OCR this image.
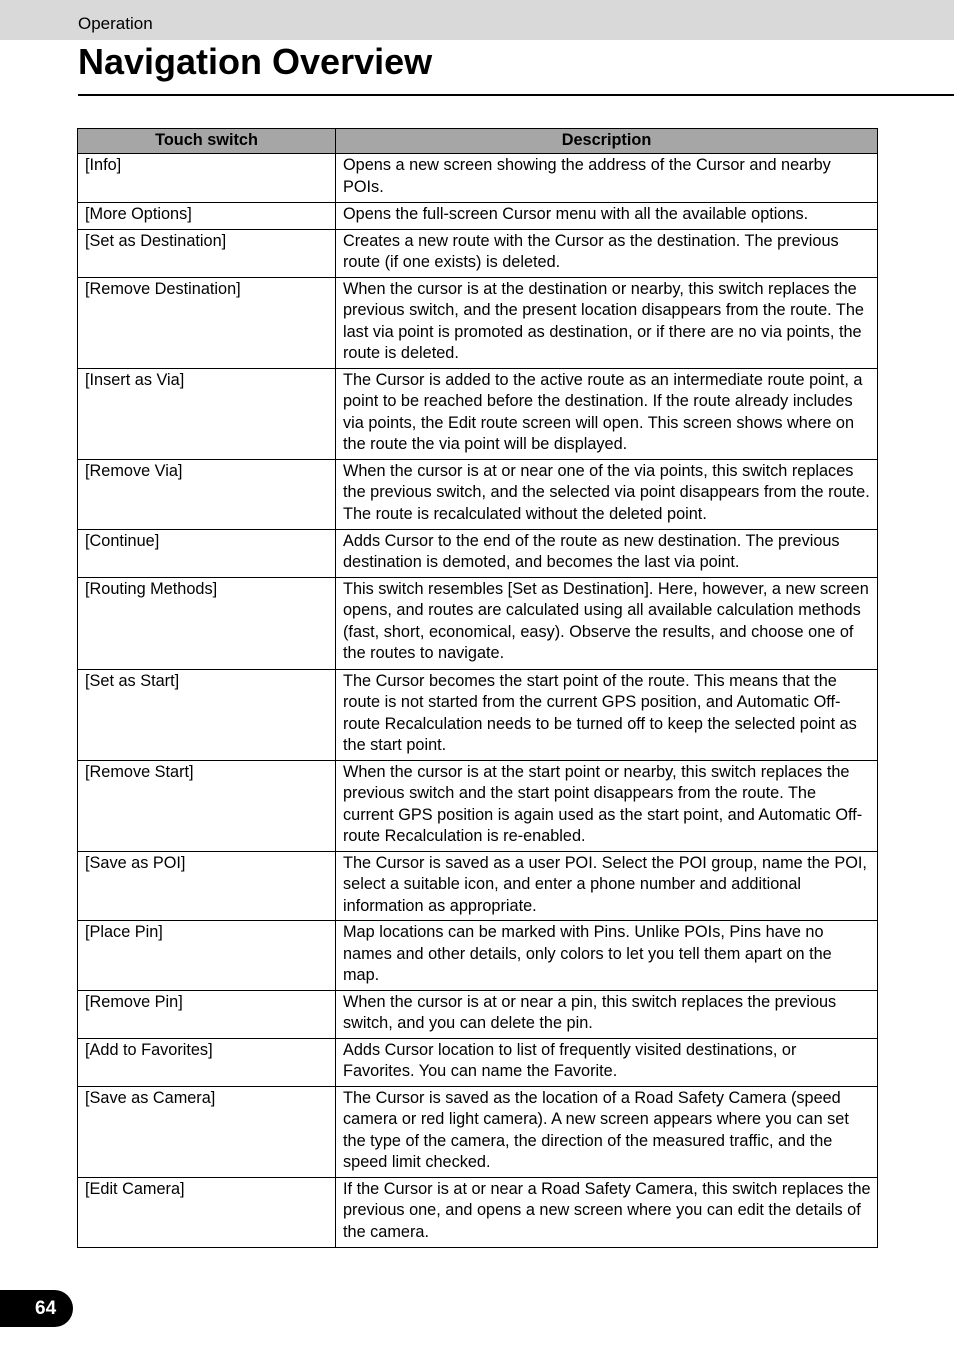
Operation
Navigation Overview
Touch switch	Description
[Info]	Opens a new screen showing the address of the Cursor and nearby POIs.
[More Options]	Opens the full-screen Cursor menu with all the available options.
[Set as Destination]	Creates a new route with the Cursor as the destination. The previous route (if one exists) is deleted.
[Remove Destination]	When the cursor is at the destination or nearby, this switch replaces the previous switch, and the present location disappears from the route. The last via point is promoted as destination, or if there are no via points, the route is deleted.
[Insert as Via]	The Cursor is added to the active route as an intermediate route point, a point to be reached before the destination. If the route already includes via points, the Edit route screen will open. This screen shows where on the route the via point will be displayed.
[Remove Via]	When the cursor is at or near one of the via points, this switch replaces the previous switch, and the selected via point disappears from the route. The route is recalculated without the deleted point.
[Continue]	Adds Cursor to the end of the route as new destination. The previous destination is demoted, and becomes the last via point.
[Routing Methods]	This switch resembles [Set as Destination]. Here, however, a new screen opens, and routes are calculated using all available calculation methods (fast, short, economical, easy). Observe the results, and choose one of the routes to navigate.
[Set as Start]	The Cursor becomes the start point of the route. This means that the route is not started from the current GPS position, and Automatic Off-route Recalculation needs to be turned off to keep the selected point as the start point.
[Remove Start]	When the cursor is at the start point or nearby, this switch replaces the previous switch and the start point disappears from the route. The current GPS position is again used as the start point, and Automatic Off-route Recalculation is re-enabled.
[Save as POI]	The Cursor is saved as a user POI. Select the POI group, name the POI, select a suitable icon, and enter a phone number and additional information as appropriate.
[Place Pin]	Map locations can be marked with Pins. Unlike POIs, Pins have no names and other details, only colors to let you tell them apart on the map.
[Remove Pin]	When the cursor is at or near a pin, this switch replaces the previous switch, and you can delete the pin.
[Add to Favorites]	Adds Cursor location to list of frequently visited destinations, or Favorites. You can name the Favorite.
[Save as Camera]	The Cursor is saved as the location of a Road Safety Camera (speed camera or red light camera). A new screen appears where you can set the type of the camera, the direction of the measured traffic, and the speed limit checked.
[Edit Camera]	If the Cursor is at or near a Road Safety Camera, this switch replaces the previous one, and opens a new screen where you can edit the details of the camera.
64
